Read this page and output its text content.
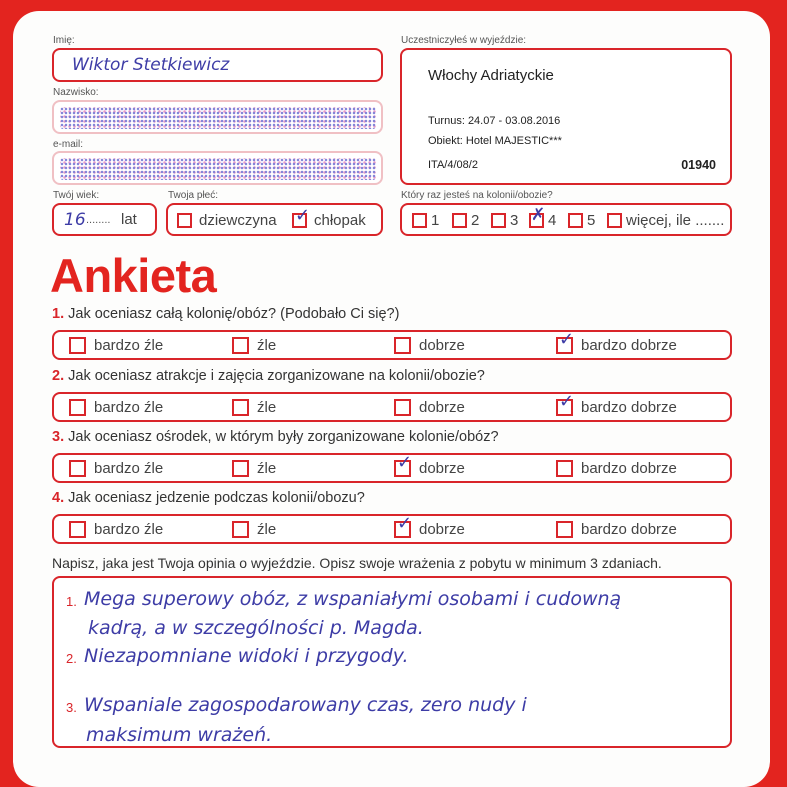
Imię:
Wiktor Stetkiewicz
Nazwisko:
e-mail:
Twój wiek:
16 ........ lat
Twoja płeć:
dziewczyna ✓ chłopak
Uczestniczyłeś w wyjeździe:
Włochy Adriatyckie
Turnus: 24.07 - 03.08.2016
Obiekt: Hotel MAJESTIC***
ITA/4/08/2	01940
Który raz jesteś na kolonii/obozie?
1 2 3 ✗ 4 5 więcej, ile .......
Ankieta
1. Jak oceniasz całą kolonię/obóz? (Podobało Ci się?)
bardzo źle	źle	dobrze	✓ bardzo dobrze
2. Jak oceniasz atrakcje i zajęcia zorganizowane na kolonii/obozie?
bardzo źle	źle	dobrze	✓ bardzo dobrze
3. Jak oceniasz ośrodek, w którym były zorganizowane kolonie/obóz?
bardzo źle	źle	✓ dobrze	bardzo dobrze
4. Jak oceniasz jedzenie podczas kolonii/obozu?
bardzo źle	źle	✓ dobrze	bardzo dobrze
Napisz, jaka jest Twoja opinia o wyjeździe. Opisz swoje wrażenia z pobytu w minimum 3 zdaniach.
1. Mega superowy obóz, z wspaniałymi osobami i cudowną
kadrą, a w szczególności p. Magda.
2. Niezapomniane widoki i przygody.
3. Wspaniale zagospodarowany czas, zero nudy i
maksimum wrażeń.
